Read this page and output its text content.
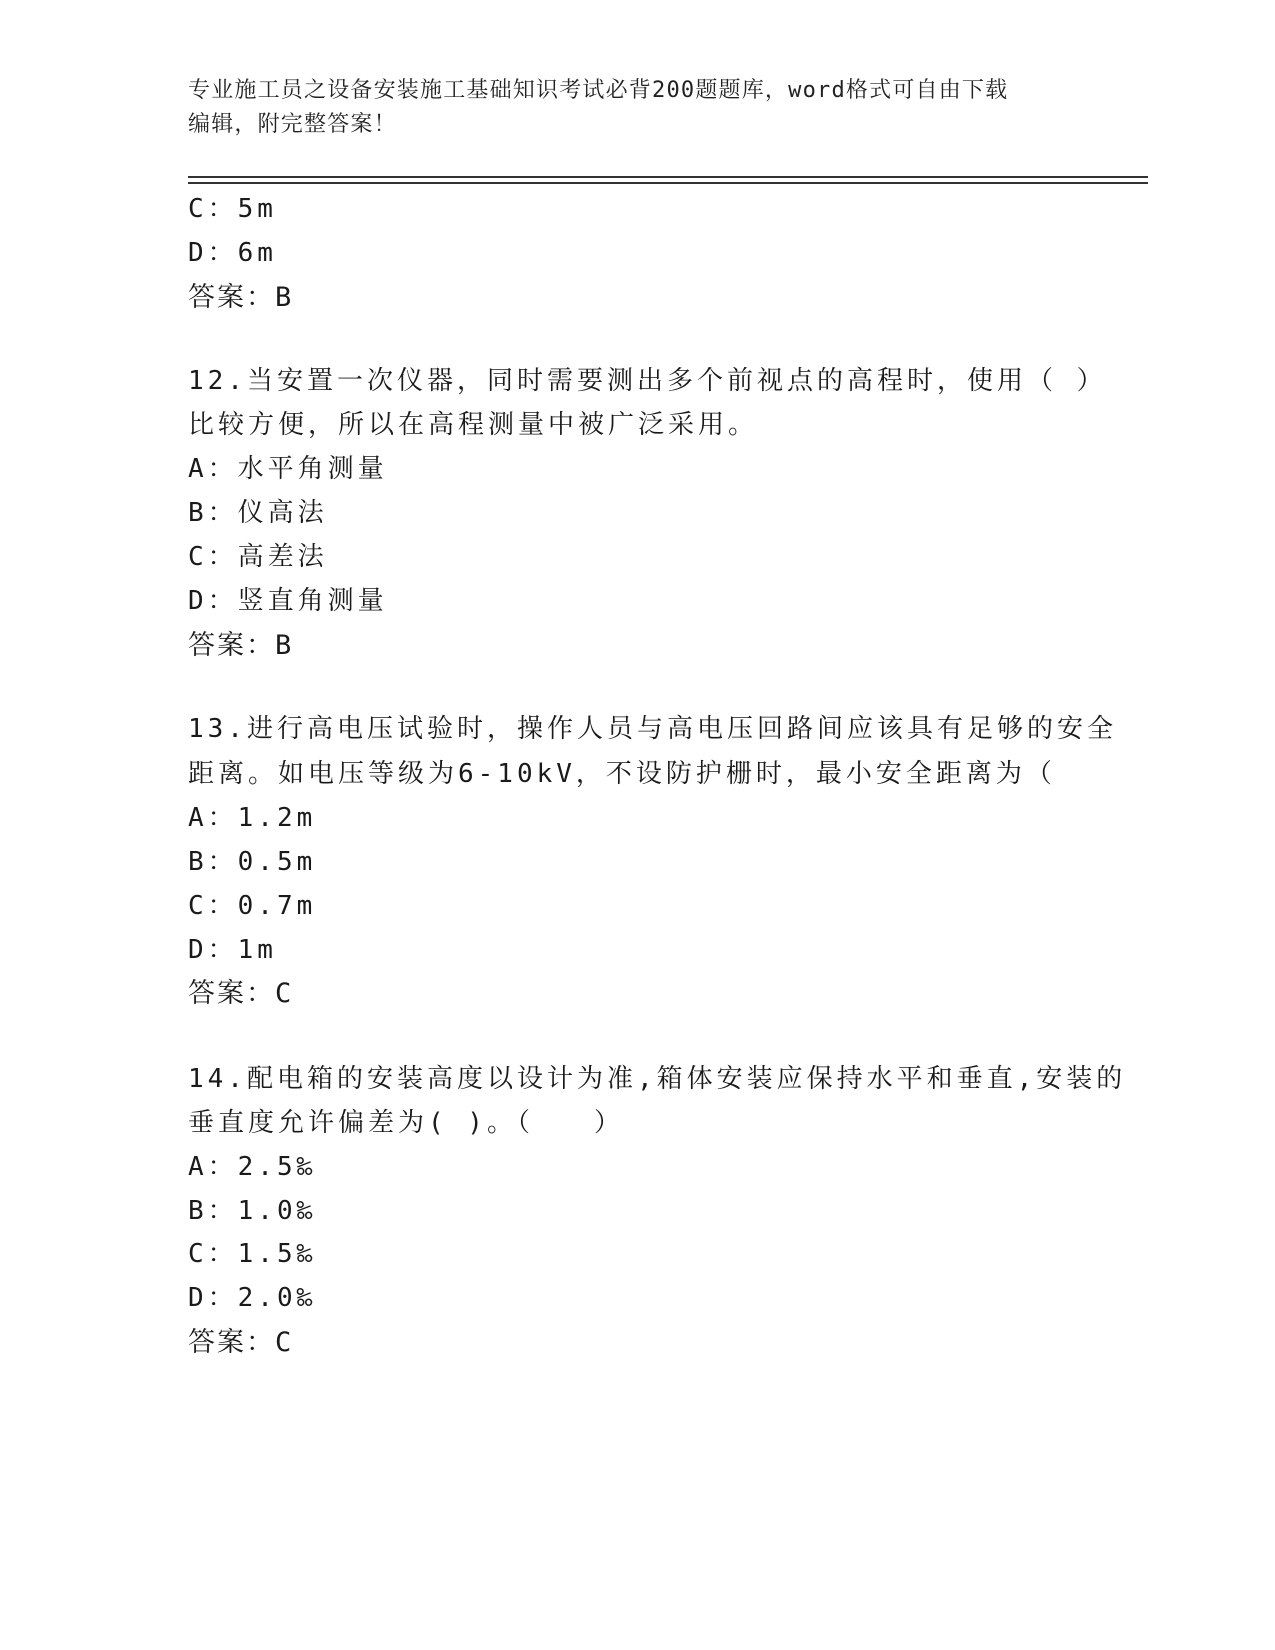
专业施工员之设备安装施工基础知识考试必背200题题库，word格式可自由下载
编辑，附完整答案！
C：5m
D：6m
答案：B
12.当安置一次仪器，同时需要测出多个前视点的高程时，使用（ ）
比较方便，所以在高程测量中被广泛采用。
A：水平角测量
B：仪高法
C：高差法
D：竖直角测量
答案：B
13.进行高电压试验时，操作人员与高电压回路间应该具有足够的安全
距离。如电压等级为6-10kV，不设防护栅时，最小安全距离为（
A：1.2m
B：0.5m
C：0.7m
D：1m
答案：C
14.配电箱的安装高度以设计为准,箱体安装应保持水平和垂直,安装的
垂直度允许偏差为( )。（　　）
A：2.5‰
B：1.0‰
C：1.5‰
D：2.0‰
答案：C
